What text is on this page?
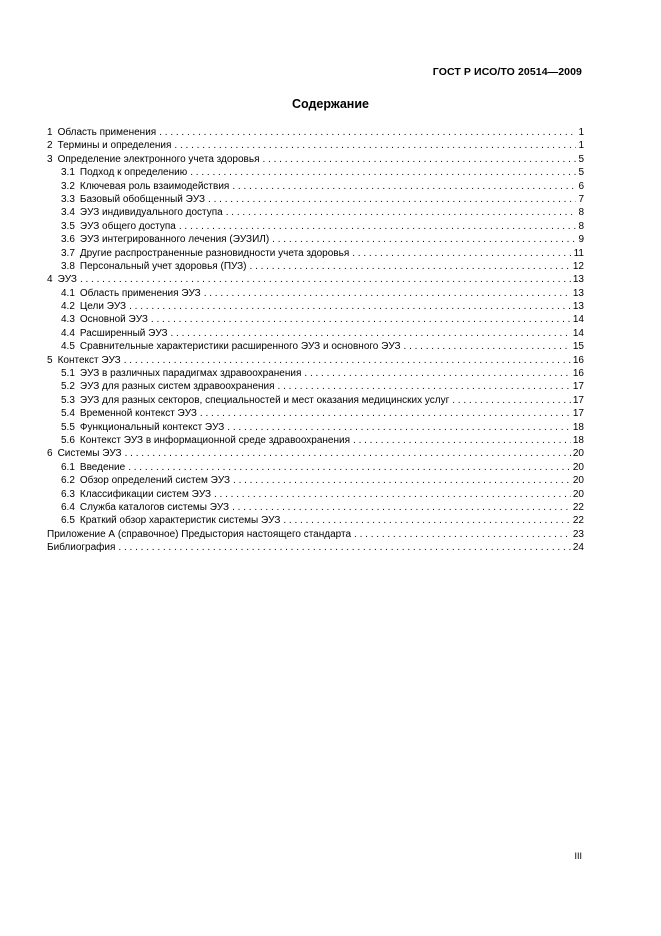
ГОСТ Р ИСО/ТО 20514—2009
Содержание
1 Область применения . . .	1
2 Термины и определения . . .	1
3 Определение электронного учета здоровья . . .	5
3.1 Подход к определению . . .	5
3.2 Ключевая роль взаимодействия . . .	6
3.3 Базовый обобщенный ЭУЗ . . .	7
3.4 ЭУЗ индивидуального доступа . . .	8
3.5 ЭУЗ общего доступа . . .	8
3.6 ЭУЗ интегрированного лечения (ЭУЗИЛ) . . .	9
3.7 Другие распространенные разновидности учета здоровья . . .	11
3.8 Персональный учет здоровья (ПУЗ) . . .	12
4 ЭУЗ . . .	13
4.1 Область применения ЭУЗ . . .	13
4.2 Цели ЭУЗ . . .	13
4.3 Основной ЭУЗ . . .	14
4.4 Расширенный ЭУЗ . . .	14
4.5 Сравнительные характеристики расширенного ЭУЗ и основного ЭУЗ . . .	15
5 Контекст ЭУЗ . . .	16
5.1 ЭУЗ в различных парадигмах здравоохранения . . .	16
5.2 ЭУЗ для разных систем здравоохранения . . .	17
5.3 ЭУЗ для разных секторов, специальностей и мест оказания медицинских услуг . . .	17
5.4 Временной контекст ЭУЗ . . .	17
5.5 Функциональный контекст ЭУЗ . . .	18
5.6 Контекст ЭУЗ в информационной среде здравоохранения . . .	18
6 Системы ЭУЗ . . .	20
6.1 Введение . . .	20
6.2 Обзор определений систем ЭУЗ . . .	20
6.3 Классификации систем ЭУЗ . . .	20
6.4 Служба каталогов системы ЭУЗ . . .	22
6.5 Краткий обзор характеристик системы ЭУЗ . . .	22
Приложение А (справочное) Предыстория настоящего стандарта . . .	23
Библиография . . .	24
III
